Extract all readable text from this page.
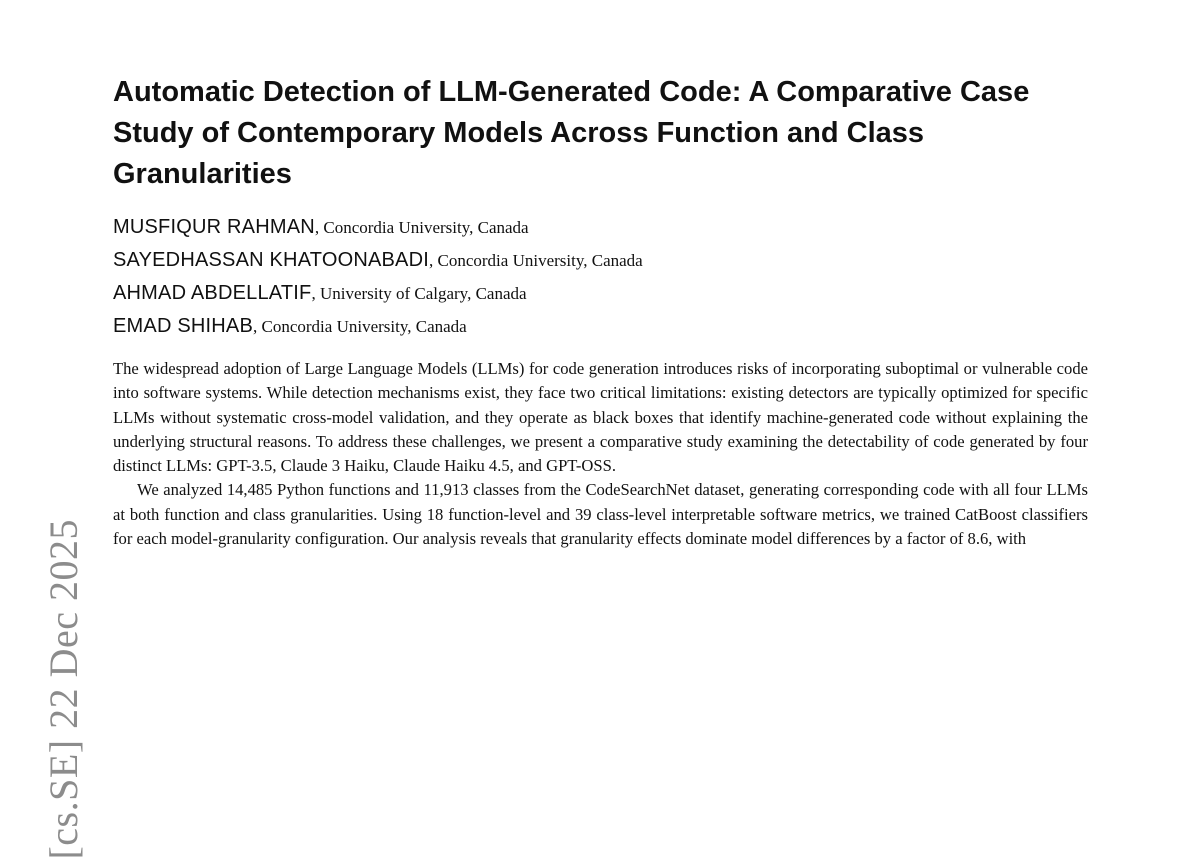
[cs.SE] 22 Dec 2025
Automatic Detection of LLM-Generated Code: A Comparative Case Study of Contemporary Models Across Function and Class Granularities
MUSFIQUR RAHMAN, Concordia University, Canada
SAYEDHASSAN KHATOONABADI, Concordia University, Canada
AHMAD ABDELLATIF, University of Calgary, Canada
EMAD SHIHAB, Concordia University, Canada

The widespread adoption of Large Language Models (LLMs) for code generation introduces risks of incorporating suboptimal or vulnerable code into software systems. While detection mechanisms exist, they face two critical limitations: existing detectors are typically optimized for specific LLMs without systematic cross-model validation, and they operate as black boxes that identify machine-generated code without explaining the underlying structural reasons. To address these challenges, we present a comparative study examining the detectability of code generated by four distinct LLMs: GPT-3.5, Claude 3 Haiku, Claude Haiku 4.5, and GPT-OSS.

We analyzed 14,485 Python functions and 11,913 classes from the CodeSearchNet dataset, generating corresponding code with all four LLMs at both function and class granularities. Using 18 function-level and 39 class-level interpretable software metrics, we trained CatBoost classifiers for each model-granularity configuration. Our analysis reveals that granularity effects dominate model differences by a factor of 8.6, with
